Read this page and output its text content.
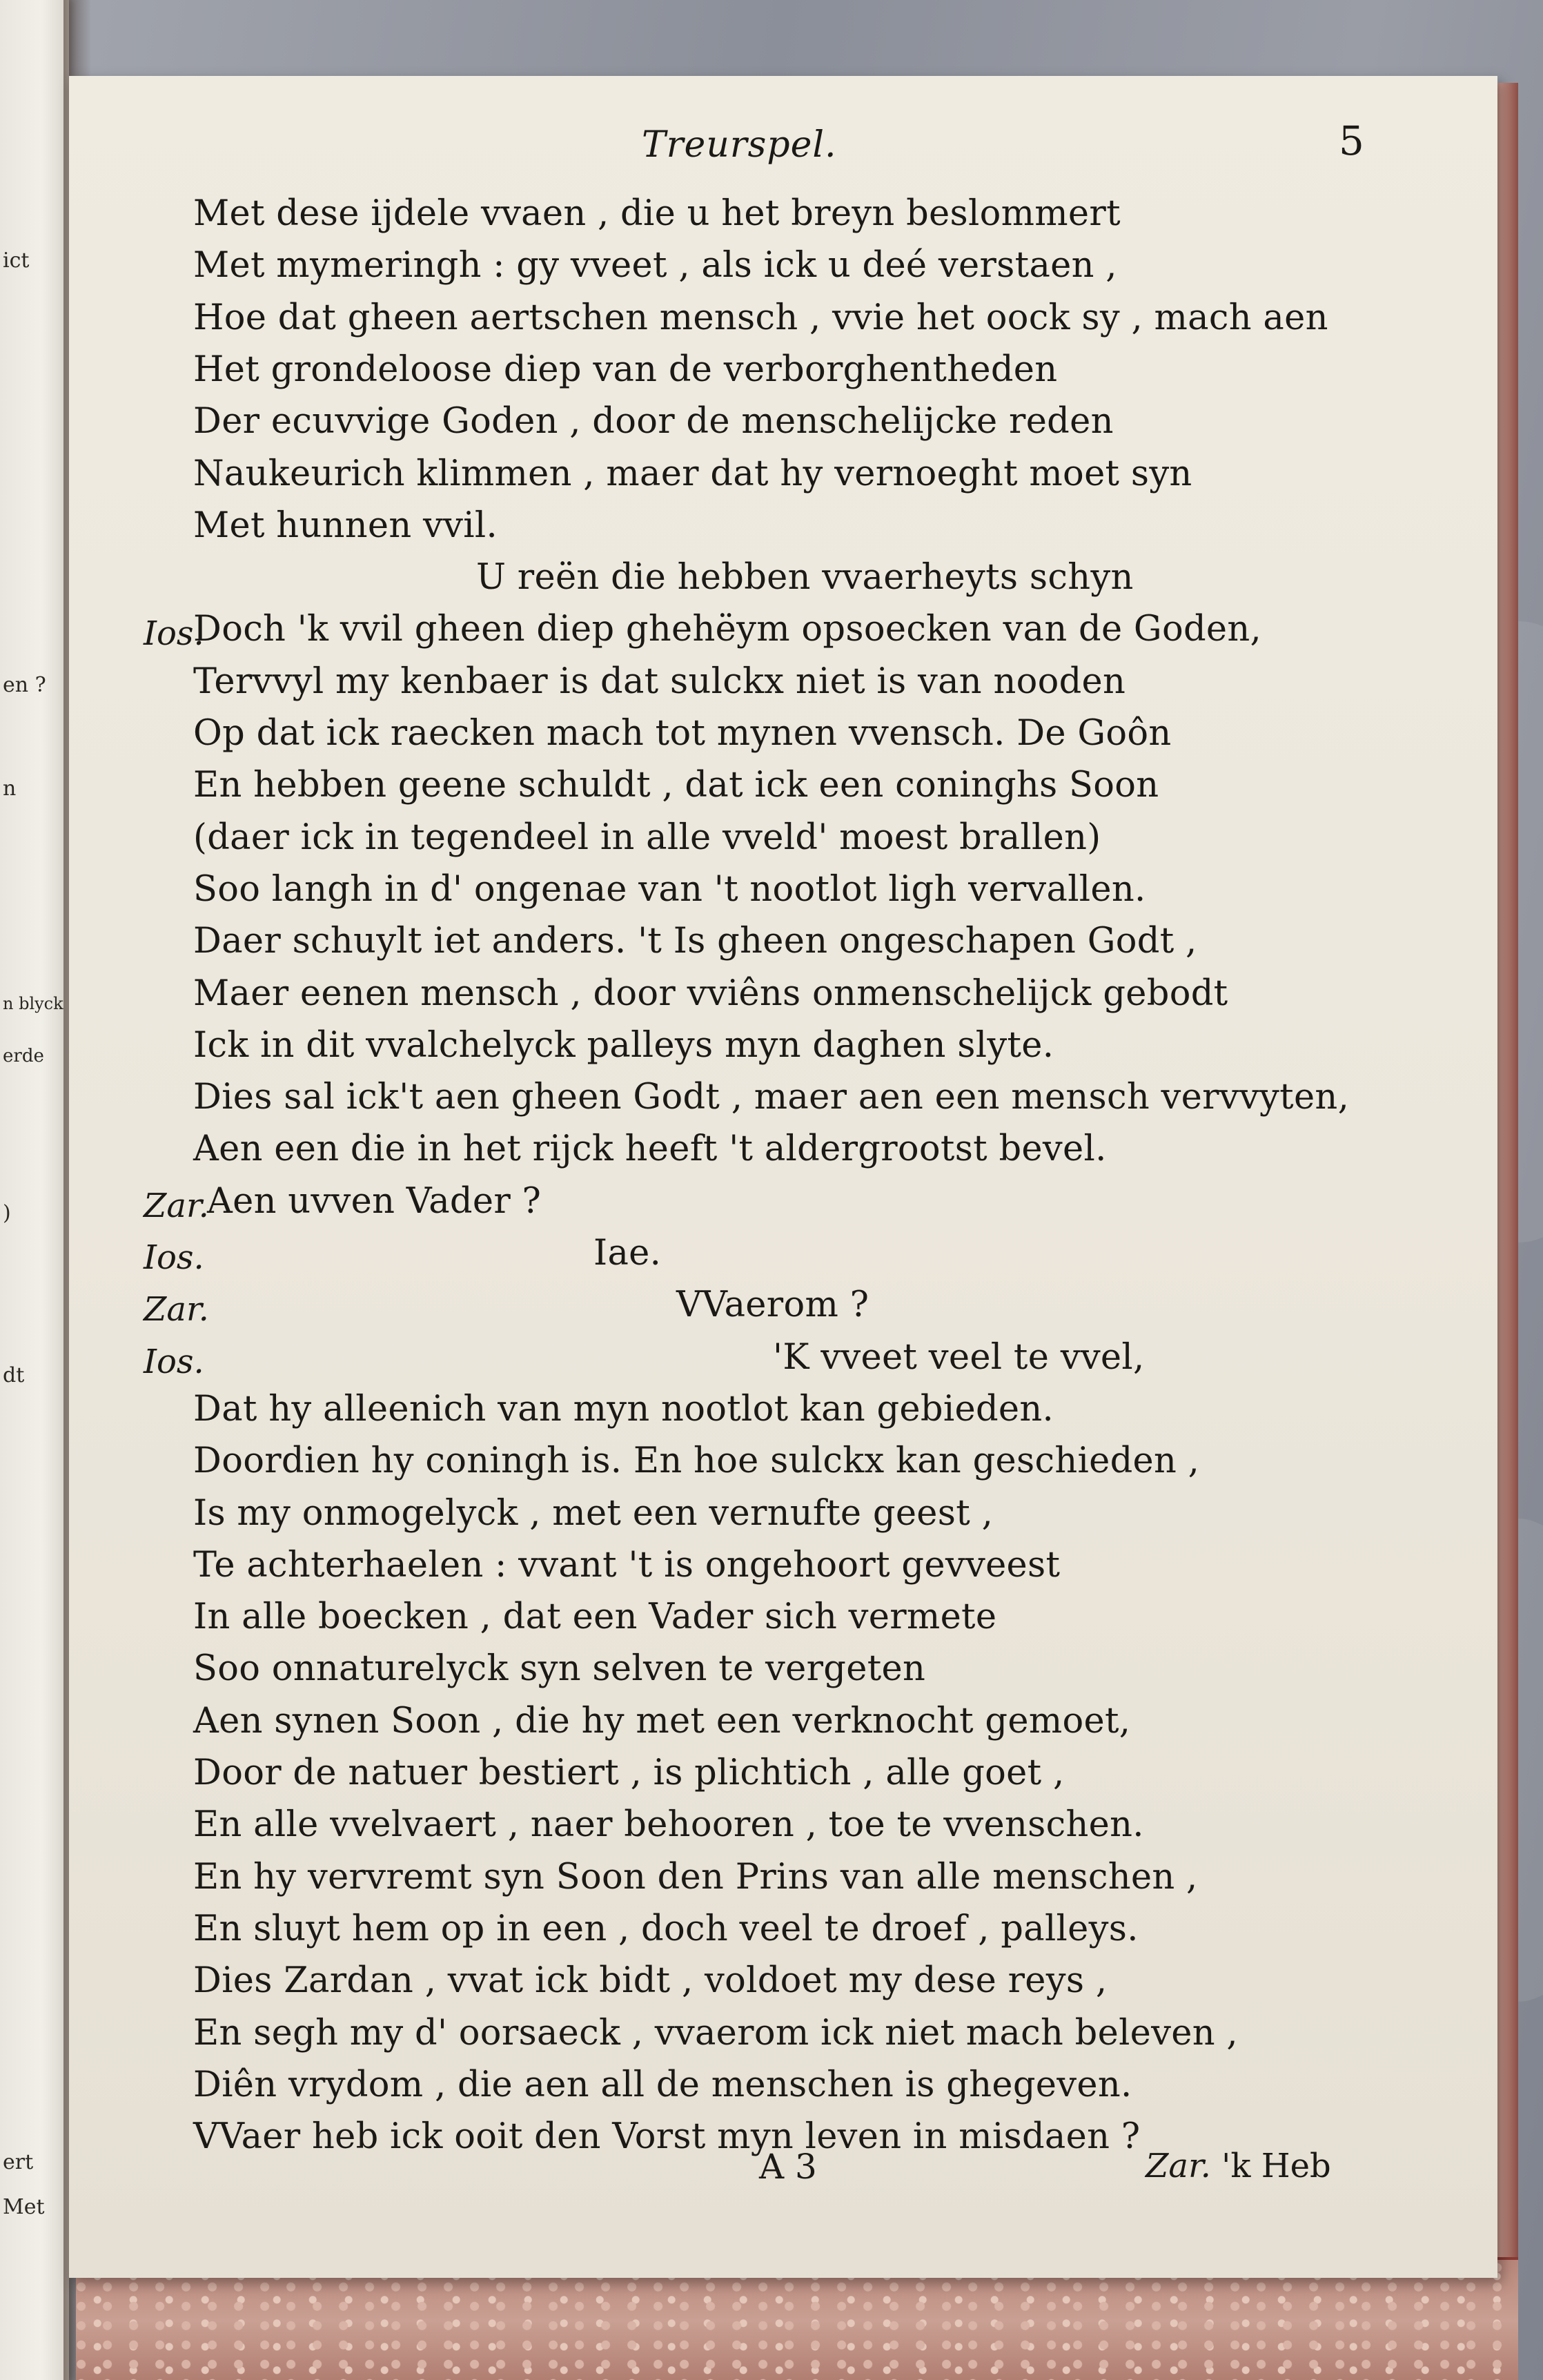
ict
en ?
n
n blyck
erde
)
dt
ert
Met
Treurspel.	5
Met dese ijdele vvaen , die u het breyn beslommert
Met mymeringh : gy vveet , als ick u deé verstaen ,
Hoe dat gheen aertschen mensch , vvie het oock sy , mach aen
Het grondeloose diep van de verborghentheden
Der ecuvvige Goden , door de menschelijcke reden
Naukeurich klimmen , maer dat hy vernoeght moet syn
Met hunnen vvil.
U reën die hebben vvaerheyts schyn
Ios.
Doch 'k vvil gheen diep ghehëym opsoecken van de Goden,
Tervvyl my kenbaer is dat sulckx niet is van nooden
Op dat ick raecken mach tot mynen vvensch. De Goôn
En hebben geene schuldt , dat ick een coninghs Soon
(daer ick in tegendeel in alle vveld' moest brallen)
Soo langh in d' ongenae van 't nootlot ligh vervallen.
Daer schuylt iet anders. 't Is gheen ongeschapen Godt ,
Maer eenen mensch , door vviêns onmenschelijck gebodt
Ick in dit vvalchelyck palleys myn daghen slyte.
Dies sal ick't aen gheen Godt , maer aen een mensch vervvyten,
Aen een die in het rijck heeft 't aldergrootst bevel.
Zar.
Aen uvven Vader ?
Ios.	Iae.
Zar.	VVaerom ?
Ios.	'K vveet veel te vvel,
Dat hy alleenich van myn nootlot kan gebieden.
Doordien hy coningh is. En hoe sulckx kan geschieden ,
Is my onmogelyck , met een vernufte geest ,
Te achterhaelen : vvant 't is ongehoort gevveest
In alle boecken , dat een Vader sich vermete
Soo onnaturelyck syn selven te vergeten
Aen synen Soon , die hy met een verknocht gemoet,
Door de natuer bestiert , is plichtich , alle goet ,
En alle vvelvaert , naer behooren , toe te vvenschen.
En hy vervremt syn Soon den Prins van alle menschen ,
En sluyt hem op in een , doch veel te droef , palleys.
Dies Zardan , vvat ick bidt , voldoet my dese reys ,
En segh my d' oorsaeck , vvaerom ick niet mach beleven ,
Diên vrydom , die aen all de menschen is ghegeven.
VVaer heb ick ooit den Vorst myn leven in misdaen ?
A 3	Zar. 'k Heb
